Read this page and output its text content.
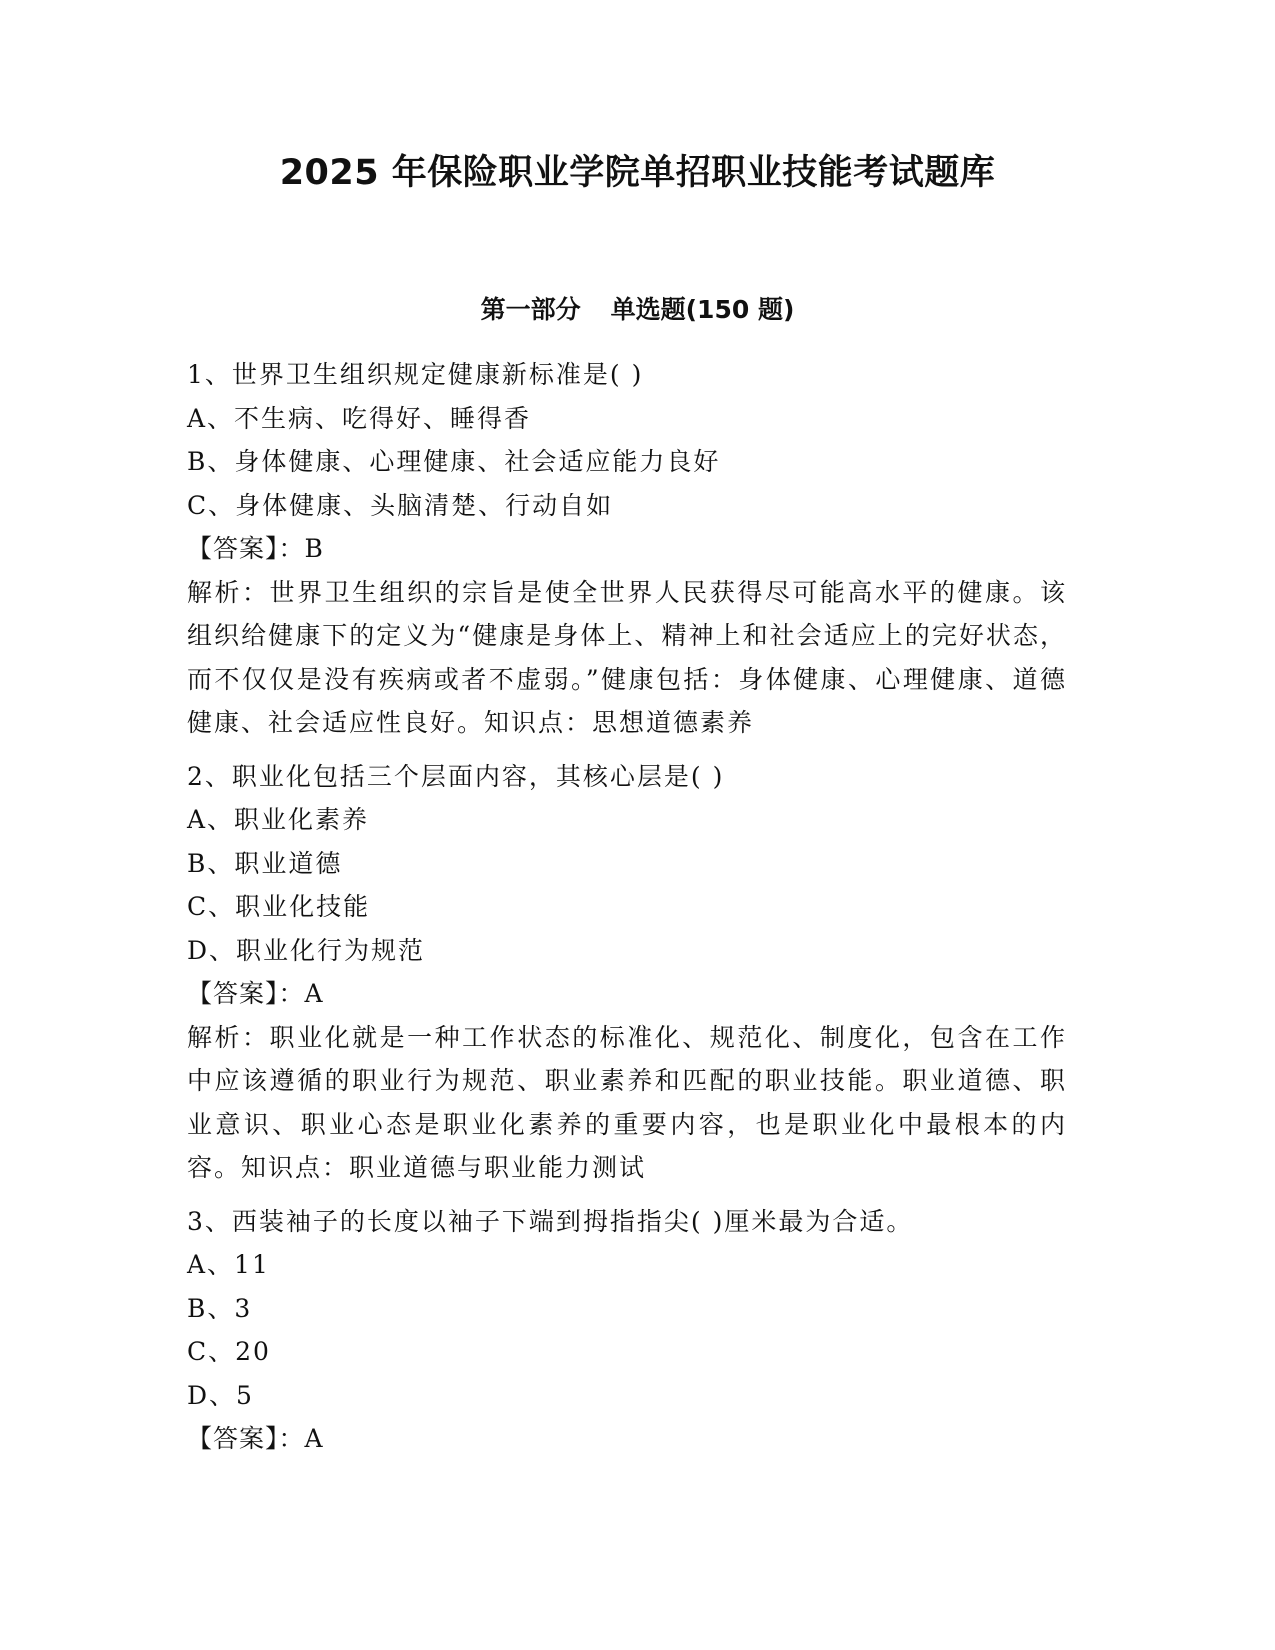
2025 年保险职业学院单招职业技能考试题库
第一部分 单选题(150 题)

1、世界卫生组织规定健康新标准是( )

A、不生病、吃得好、睡得香

B、身体健康、心理健康、社会适应能力良好

C、身体健康、头脑清楚、行动自如

【答案】：B

解析：世界卫生组织的宗旨是使全世界人民获得尽可能高水平的健康。该组织给健康下的定义为“健康是身体上、精神上和社会适应上的完好状态，而不仅仅是没有疾病或者不虚弱。”健康包括：身体健康、心理健康、道德健康、社会适应性良好。知识点：思想道德素养

2、职业化包括三个层面内容，其核心层是( )

A、职业化素养

B、职业道德

C、职业化技能

D、职业化行为规范

【答案】：A

解析：职业化就是一种工作状态的标准化、规范化、制度化，包含在工作中应该遵循的职业行为规范、职业素养和匹配的职业技能。职业道德、职业意识、职业心态是职业化素养的重要内容，也是职业化中最根本的内容。知识点：职业道德与职业能力测试

3、西装袖子的长度以袖子下端到拇指指尖( )厘米最为合适。

A、11

B、3

C、20

D、5

【答案】：A
